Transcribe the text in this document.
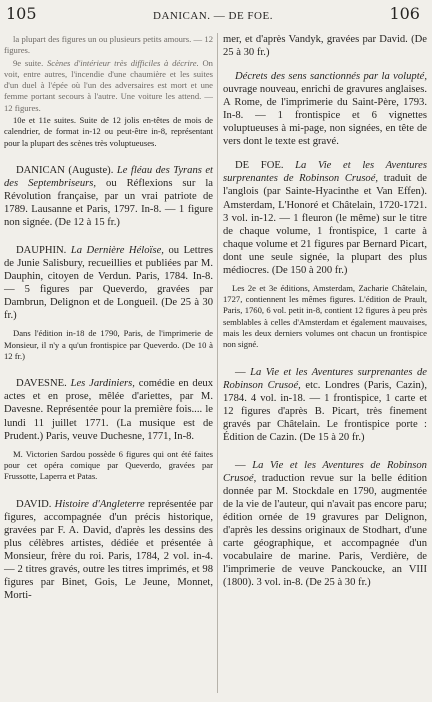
105	DANICAN. — DE FOE.	106
la plupart des figures un ou plusieurs petits amours. — 12 figures.
9e suite. Scènes d'intérieur très difficiles à décrire. On voit, entre autres, l'incendie d'une chaumière et les suites d'un duel à l'épée où l'un des adversaires est mort et une femme portant secours à l'autre. Une voiture les attend. — 12 figures.
10e et 11e suites. Suite de 12 jolis en-têtes de mois de calendrier, de format in-12 ou peut-être in-8, représentant pour la plupart des scènes très voluptueuses.
DANICAN (Auguste). Le fléau des Tyrans et des Septembriseurs, ou Réflexions sur la Révolution française, par un vrai patriote de 1789. Lausanne et Paris, 1797. In-8. — 1 figure non signée. (De 12 à 15 fr.)
DAUPHIN. La Dernière Héloïse, ou Lettres de Junie Salisbury, recueillies et publiées par M. Dauphin, citoyen de Verdun. Paris, 1784. In-8. — 5 figures par Queverdo, gravées par Dambrun, Delignon et de Longueil. (De 25 à 30 fr.)
Dans l'édition in-18 de 1790, Paris, de l'imprimerie de Monsieur, il n'y a qu'un frontispice par Queverdo. (De 10 à 12 fr.)
DAVESNE. Les Jardiniers, comédie en deux actes et en prose, mêlée d'ariettes, par M. Davesne. Représentée pour la première fois.... le lundi 11 juillet 1771. (La musique est de Prudent.) Paris, veuve Duchesne, 1771, In-8.
M. Victorien Sardou possède 6 figures qui ont été faites pour cet opéra comique par Queverdo, gravées par Frussotte, Laperra et Patas.
DAVID. Histoire d'Angleterre représentée par figures, accompagnée d'un précis historique, gravées par F. A. David, d'après les dessins des plus célèbres artistes, dédiée et présentée à Monsieur, frère du roi. Paris, 1784, 2 vol. in-4. — 2 titres gravés, outre les titres imprimés, et 98 figures par Binet, Gois, Le Jeune, Monnet, Morti-
mer, et d'après Vandyk, gravées par David. (De 25 à 30 fr.)
Décrets des sens sanctionnés par la volupté, ouvrage nouveau, enrichi de gravures anglaises. A Rome, de l'imprimerie du Saint-Père, 1793. In-8. — 1 frontispice et 6 vignettes voluptueuses à mi-page, non signées, en tête de vers dont le texte est gravé.
DE FOE. La Vie et les Aventures surprenantes de Robinson Crusoé, traduit de l'anglois (par Sainte-Hyacinthe et Van Effen). Amsterdam, L'Honoré et Châtelain, 1720-1721. 3 vol. in-12. — 1 fleuron (le même) sur le titre de chaque volume, 1 frontispice, 1 carte à chaque volume et 21 figures par Bernard Picart, dont une seule signée, la plupart des plus médiocres. (De 150 à 200 fr.)
Les 2e et 3e éditions, Amsterdam, Zacharie Châtelain, 1727, contiennent les mêmes figures. L'édition de Prault, Paris, 1760, 6 vol. petit in-8, contient 12 figures à peu près semblables à celles d'Amsterdam et également mauvaises, mais les deux derniers volumes ont chacun un frontispice non signé.
— La Vie et les Aventures surprenantes de Robinson Crusoé, etc. Londres (Paris, Cazin), 1784. 4 vol. in-18. — 1 frontispice, 1 carte et 12 figures d'après B. Picart, très finement gravés par Châtelain. Le frontispice porte : Édition de Cazin. (De 15 à 20 fr.)
— La Vie et les Aventures de Robinson Crusoé, traduction revue sur la belle édition donnée par M. Stockdale en 1790, augmentée de la vie de l'auteur, qui n'avait pas encore paru; édition ornée de 19 gravures par Delignon, d'après les dessins originaux de Stodhart, d'une carte géographique, et accompagnée d'un vocabulaire de marine. Paris, Verdière, de l'imprimerie de veuve Panckoucke, an VIII (1800). 3 vol. in-8. (De 25 à 30 fr.)
